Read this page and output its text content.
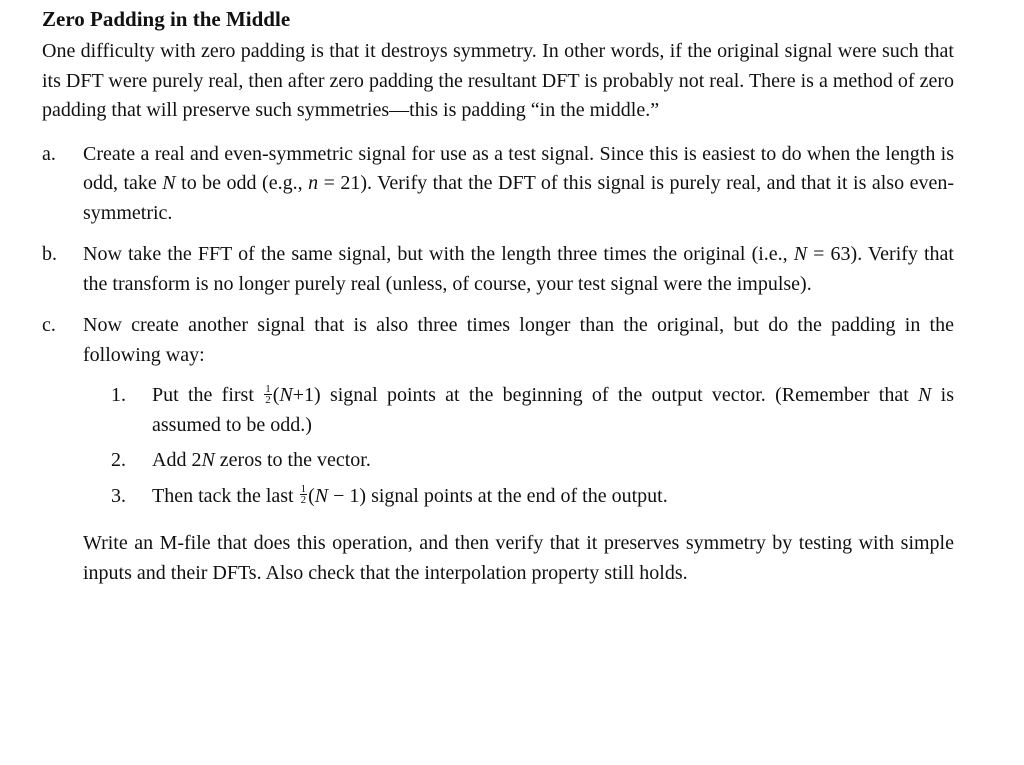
Zero Padding in the Middle

One difficulty with zero padding is that it destroys symmetry. In other words, if the original signal were such that its DFT were purely real, then after zero padding the resultant DFT is probably not real. There is a method of zero padding that will preserve such symmetries—this is padding “in the middle.”

a.	Create a real and even-symmetric signal for use as a test signal. Since this is easiest to do when the length is odd, take N to be odd (e.g., n = 21). Verify that the DFT of this signal is purely real, and that it is also even-symmetric.
b.	Now take the FFT of the same signal, but with the length three times the original (i.e., N = 63). Verify that the transform is no longer purely real (unless, of course, your test signal were the impulse).
c.	Now create another signal that is also three times longer than the original, but do the padding in the following way:
1.	Put the first $\frac{1}{2} (N+1)$ signal points at the beginning of the output vector. (Remember that N is assumed to be odd.)
2.	Add 2N zeros to the vector.
3.	Then tack the last $\frac{1}{2} (N - 1)$ signal points at the end of the output.

Write an M-file that does this operation, and then verify that it preserves symmetry by testing with simple inputs and their DFTs. Also check that the interpolation property still holds.
